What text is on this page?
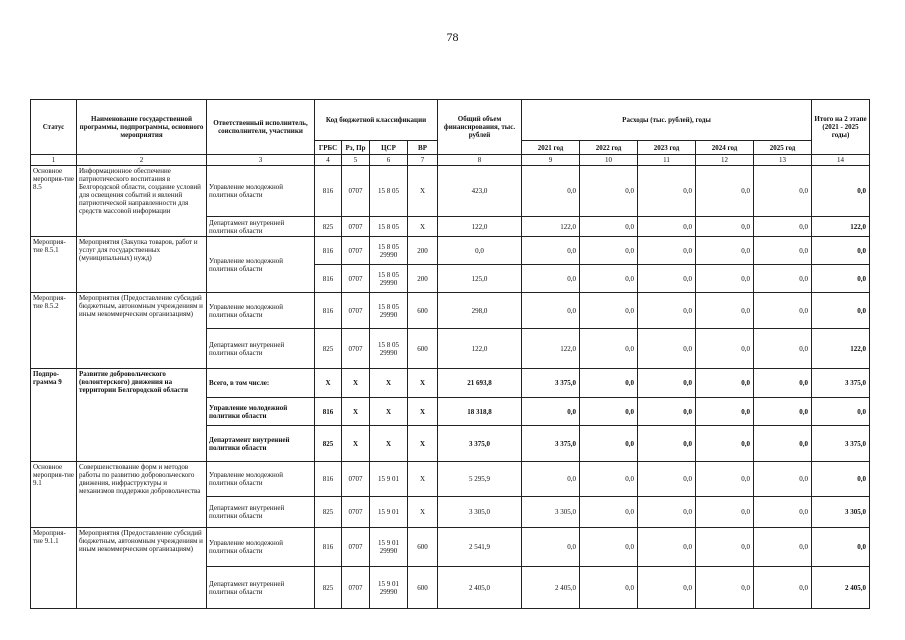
78
Статус	Наименование государственной программы, подпрограммы, основного мероприятия	Ответственный исполнитель, соисполнители, участники	Код бюджетной классификации				Общий объем финансирования, тыс. рублей	Расходы (тыс. рублей), годы					Итого на 2 этапе (2021 - 2025 годы)
			ГРБС	Рз, Пр	ЦСР	ВР		2021 год	2022 год	2023 год	2024 год	2025 год	
1	2	3	4	5	6	7	8	9	10	11	12	13	14
Основное мероприя-тие 8.5	Информационное обеспечение патриотического воспитания в Белгородской области, создание условий для освещения событий и явлений патриотической направленности для средств массовой информации	Управление молодежной политики области	816	0707	15 8 05	X	423,0	0,0	0,0	0,0	0,0	0,0	0,0
		Департамент внутренней политики области	825	0707	15 8 05	X	122,0	122,0	0,0	0,0	0,0	0,0	122,0
Мероприя-тие 8.5.1	Мероприятия (Закупка товаров, работ и услуг для государственных (муниципальных) нужд)	Управление молодежной политики области	816	0707	15 8 05 29990	200	0,0	0,0	0,0	0,0	0,0	0,0	0,0
			816	0707	15 8 05 29990	200	125,0	0,0	0,0	0,0	0,0	0,0	0,0
Мероприя-тие 8.5.2	Мероприятия (Предоставление субсидий бюджетным, автономным учреждениям и иным некоммерческим организациям)	Управление молодежной политики области	816	0707	15 8 05 29990	600	298,0	0,0	0,0	0,0	0,0	0,0	0,0
		Департамент внутренней политики области	825	0707	15 8 05 29990	600	122,0	122,0	0,0	0,0	0,0	0,0	122,0
Подпро-грамма 9	Развитие добровольческого (волонтерского) движения на территории Белгородской области	Всего, в том числе:	X	X	X	X	21 693,8	3 375,0	0,0	0,0	0,0	0,0	3 375,0
		Управление молодежной политики области	816	X	X	X	18 318,8	0,0	0,0	0,0	0,0	0,0	0,0
		Департамент внутренней политики области	825	X	X	X	3 375,0	3 375,0	0,0	0,0	0,0	0,0	3 375,0
Основное мероприя-тие 9.1	Совершенствование форм и методов работы по развитию добровольческого движения, инфраструктуры и механизмов поддержки добровольчества	Управление молодежной политики области	816	0707	15 9 01	X	5 295,9	0,0	0,0	0,0	0,0	0,0	0,0
		Департамент внутренней политики области	825	0707	15 9 01	X	3 305,0	3 305,0	0,0	0,0	0,0	0,0	3 305,0
Мероприя-тие 9.1.1	Мероприятия (Предоставление субсидий бюджетным, автономным учреждениям и иным некоммерческим организациям)	Управление молодежной политики области	816	0707	15 9 01 29990	600	2 541,9	0,0	0,0	0,0	0,0	0,0	0,0
		Департамент внутренней политики области	825	0707	15 9 01 29990	600	2 405,0	2 405,0	0,0	0,0	0,0	0,0	2 405,0
